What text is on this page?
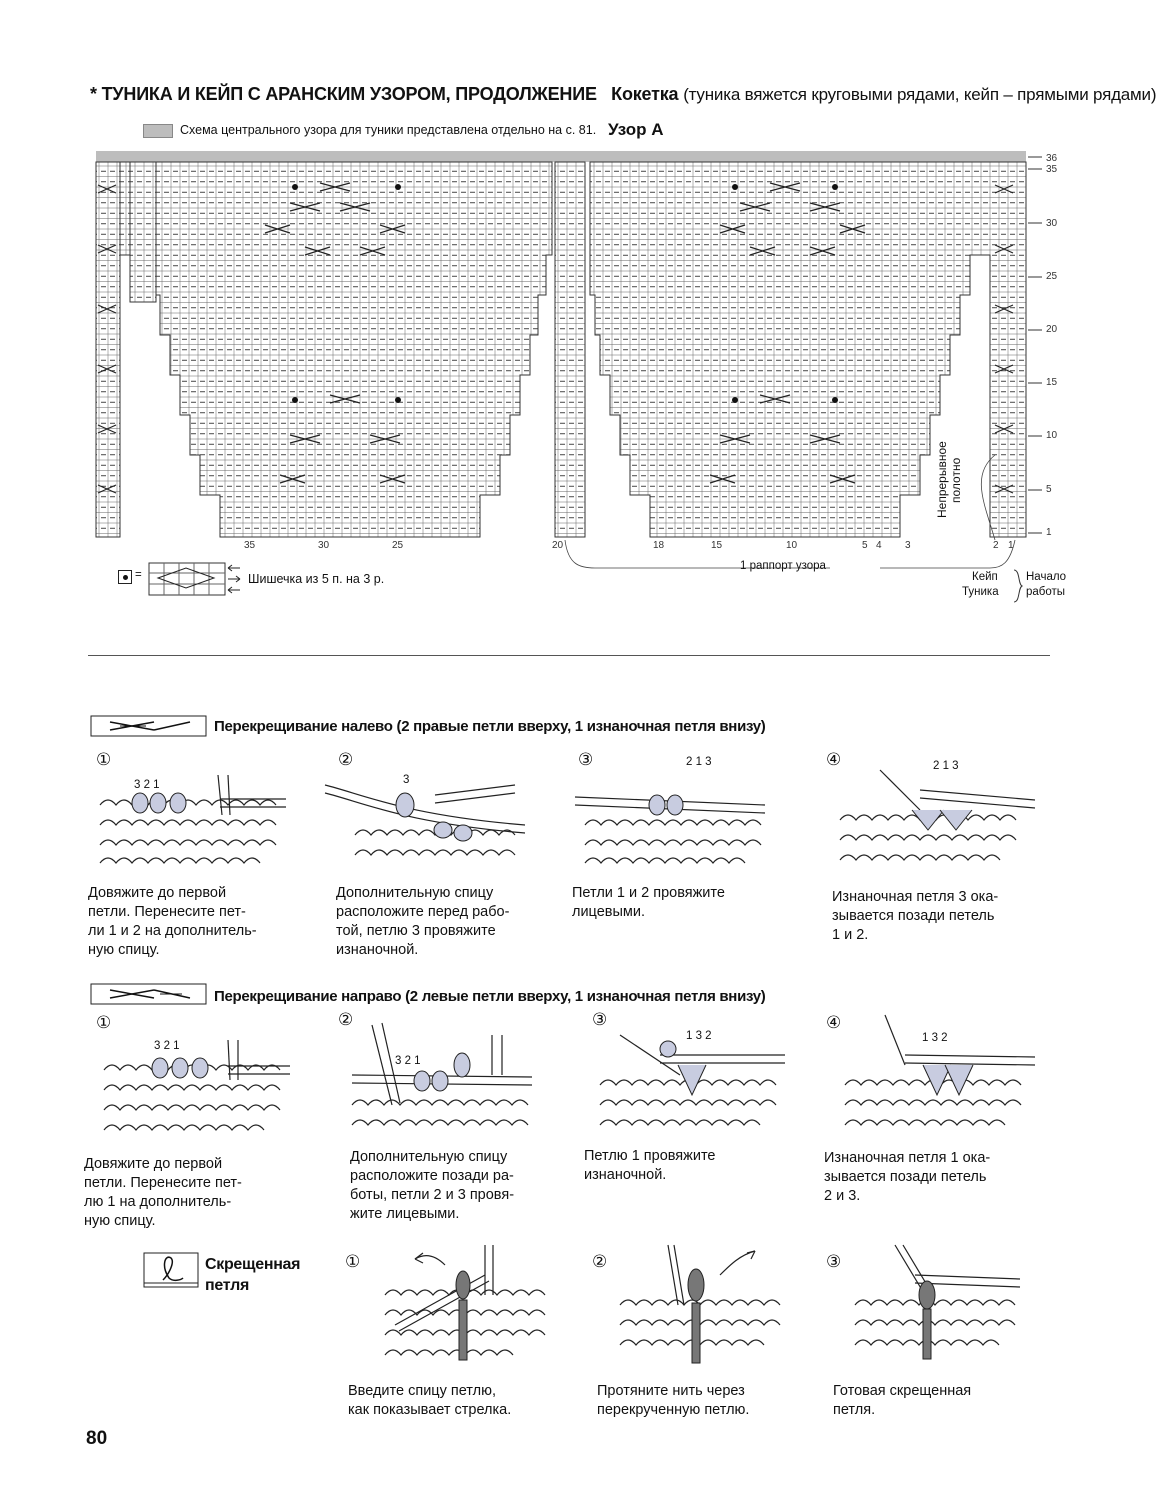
* ТУНИКА И КЕЙП С АРАНСКИМ УЗОРОМ, ПРОДОЛЖЕНИЕ Кокетка (туника вяжется круговыми рядами, кейп – прямыми рядами)
Схема центрального узора для туники представлена отдельно на с. 81. Узор А
36
35
30
25
20
15
10
5
1
35	30	25	20	18	15	10	5 4 3	2 1
Непрерывное
полотно
1 раппорт узора
Кейп
Туника
Начало
работы
=	Шишечка из 5 п. на 3 р.
Перекрещивание налево (2 правые петли вверху, 1 изнаночная петля внизу)
①	②	③	④
3 2 1	3
2 1 3	2 1 3
Довяжите до первой
петли. Перенесите пет-
ли 1 и 2 на дополнитель-
ную спицу.
Дополнительную спицу
расположите перед рабо-
той, петлю 3 провяжите
изнаночной.
Петли 1 и 2 провяжите
лицевыми.
Изнаночная петля 3 ока-
зывается позади петель
1 и 2.
Перекрещивание направо (2 левые петли вверху, 1 изнаночная петля внизу)
①	②	③	④
3 2 1
3 2 1
1 3 2	1 3 2
Довяжите до первой
петли. Перенесите пет-
лю 1 на дополнитель-
ную спицу.
Дополнительную спицу
расположите позади ра-
боты, петли 2 и 3 провя-
жите лицевыми.
Петлю 1 провяжите
изнаночной.
Изнаночная петля 1 ока-
зывается позади петель
2 и 3.
Скрещенная
петля
①	②	③
Введите спицу петлю,
как показывает стрелка.
Протяните нить через
перекрученную петлю.
Готовая скрещенная
петля.
80
